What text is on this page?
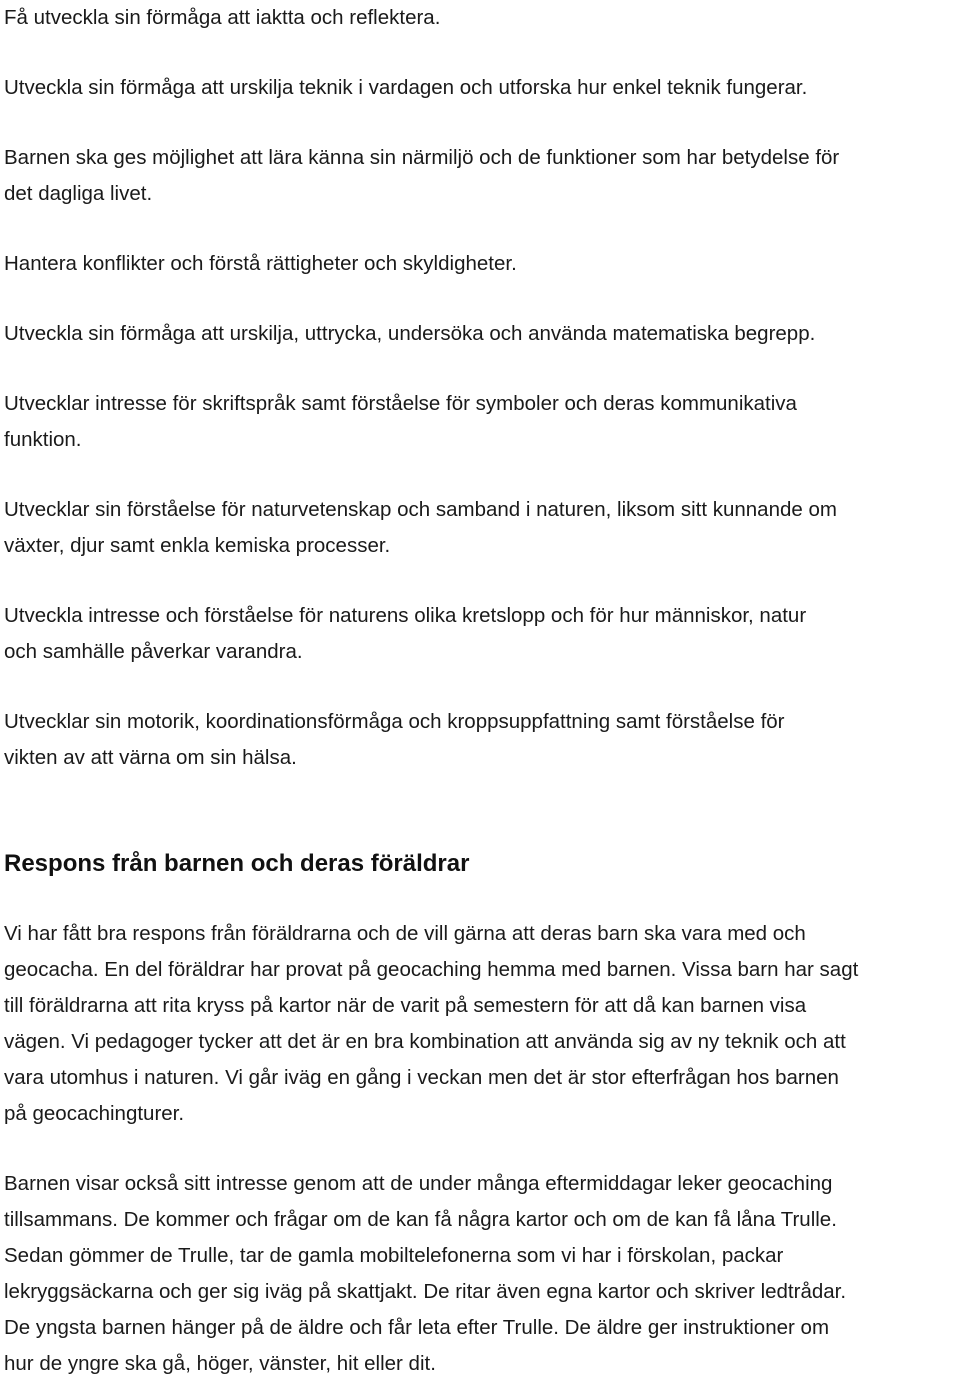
Få utveckla sin förmåga att iaktta och reflektera.

Utveckla sin förmåga att urskilja teknik i vardagen och utforska hur enkel teknik fungerar.

Barnen ska ges möjlighet att lära känna sin närmiljö och de funktioner som har betydelse för
det dagliga livet.

Hantera konflikter och förstå rättigheter och skyldigheter.

Utveckla sin förmåga att urskilja, uttrycka, undersöka och använda matematiska begrepp.

Utvecklar intresse för skriftspråk samt förståelse för symboler och deras kommunikativa
funktion.

Utvecklar sin förståelse för naturvetenskap och samband i naturen, liksom sitt kunnande om
växter, djur samt enkla kemiska processer.

Utveckla intresse och förståelse för naturens olika kretslopp och för hur människor, natur
och samhälle påverkar varandra.

Utvecklar sin motorik, koordinationsförmåga och kroppsuppfattning samt förståelse för
vikten av att värna om sin hälsa.

Respons från barnen och deras föräldrar

Vi har fått bra respons från föräldrarna och de vill gärna att deras barn ska vara med och
geocacha. En del föräldrar har provat på geocaching hemma med barnen. Vissa barn har sagt
till föräldrarna att rita kryss på kartor när de varit på semestern för att då kan barnen visa
vägen. Vi pedagoger tycker att det är en bra kombination att använda sig av ny teknik och att
vara utomhus i naturen. Vi går iväg en gång i veckan men det är stor efterfrågan hos barnen
på geocachingturer.

Barnen visar också sitt intresse genom att de under många eftermiddagar leker geocaching
tillsammans. De kommer och frågar om de kan få några kartor och om de kan få låna Trulle.
Sedan gömmer de Trulle, tar de gamla mobiltelefonerna som vi har i förskolan, packar
lekryggsäckarna och ger sig iväg på skattjakt. De ritar även egna kartor och skriver ledtrådar.
De yngsta barnen hänger på de äldre och får leta efter Trulle. De äldre ger instruktioner om
hur de yngre ska gå, höger, vänster, hit eller dit.
